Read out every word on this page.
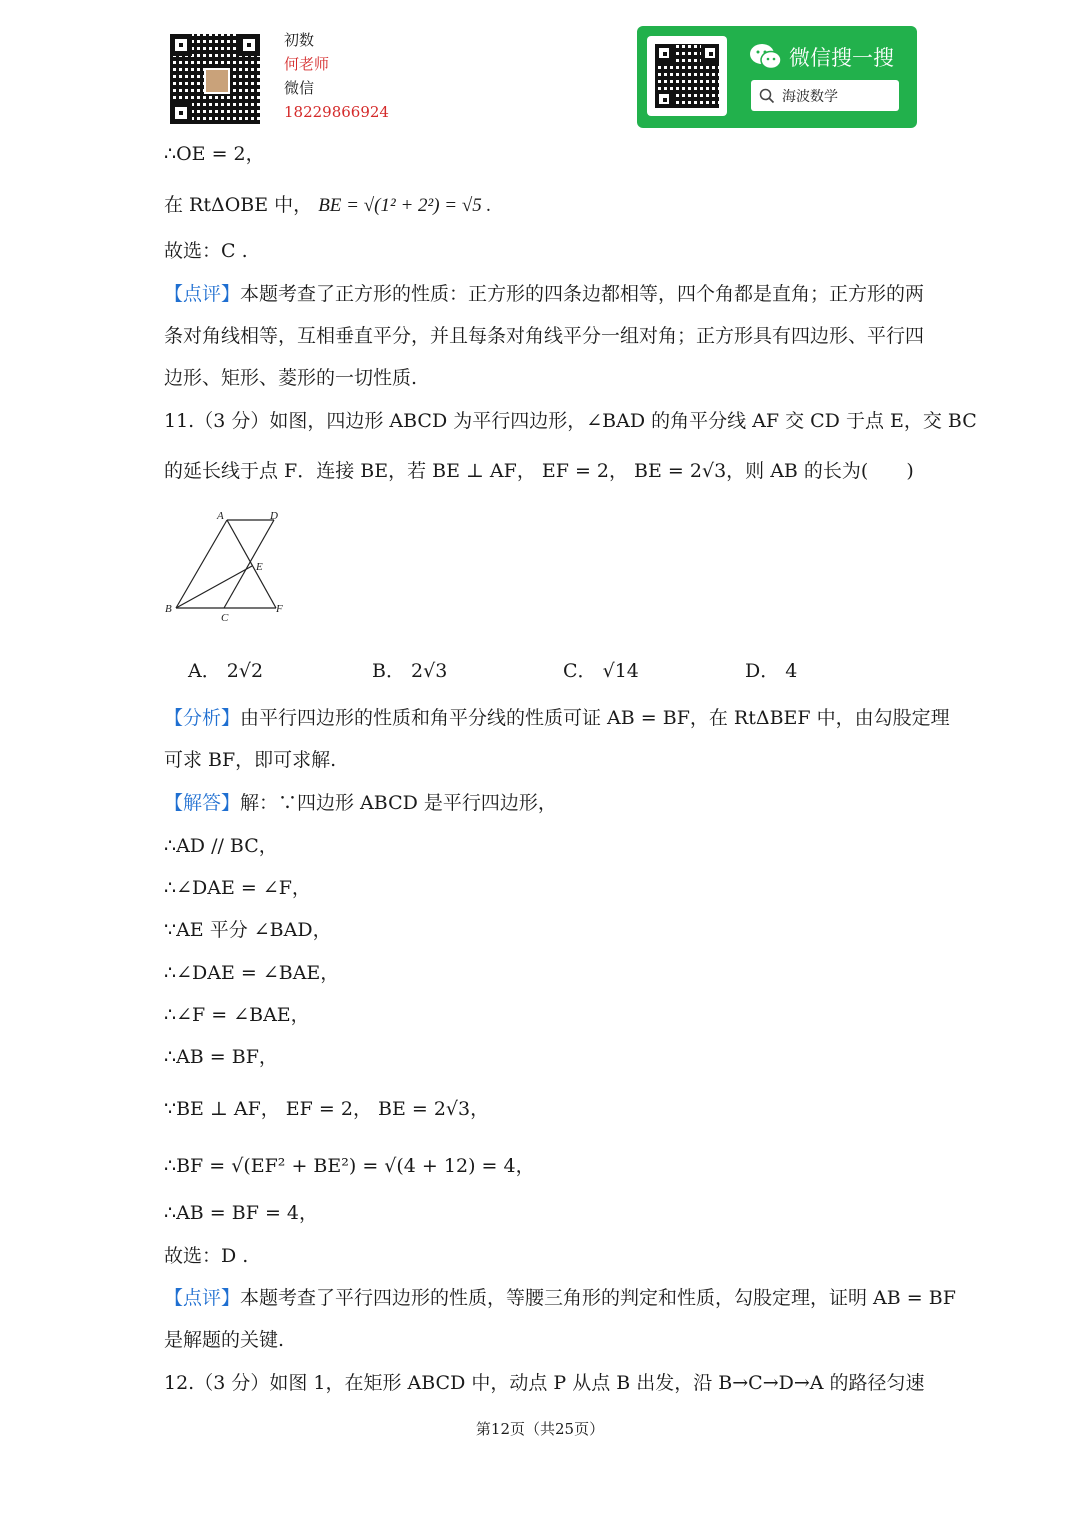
初数
何老师
微信
18229866924
微信搜一搜
海波数学
∴OE = 2，
在 RtΔOBE 中， BE = √(1² + 2²) = √5 .
故选：C .
【点评】本题考查了正方形的性质：正方形的四条边都相等，四个角都是直角；正方形的两
条对角线相等，互相垂直平分，并且每条对角线平分一组对角；正方形具有四边形、平行四
边形、矩形、菱形的一切性质.
11.（3 分）如图，四边形 ABCD 为平行四边形，∠BAD 的角平分线 AF 交 CD 于点 E，交 BC
的延长线于点 F．连接 BE，若 BE ⊥ AF， EF = 2， BE = 2√3，则 AB 的长为(　　)
A	D
E
B
C
F
A． 2√2	B． 2√3	C． √14	D． 4
【分析】由平行四边形的性质和角平分线的性质可证 AB = BF，在 RtΔBEF 中，由勾股定理
可求 BF，即可求解.
【解答】解：∵四边形 ABCD 是平行四边形，
∴AD // BC，
∴∠DAE = ∠F，
∵AE 平分 ∠BAD，
∴∠DAE = ∠BAE，
∴∠F = ∠BAE，
∴AB = BF，
∵BE ⊥ AF， EF = 2， BE = 2√3，
∴BF = √(EF² + BE²) = √(4 + 12) = 4，
∴AB = BF = 4，
故选：D .
【点评】本题考查了平行四边形的性质，等腰三角形的判定和性质，勾股定理，证明 AB = BF
是解题的关键.
12.（3 分）如图 1，在矩形 ABCD 中，动点 P 从点 B 出发，沿 B→C→D→A 的路径匀速
第12页（共25页）
